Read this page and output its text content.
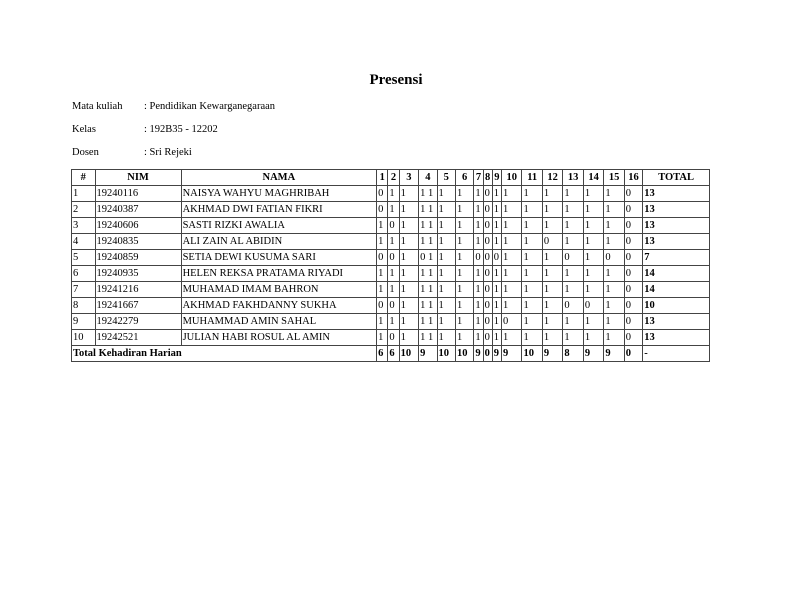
Presensi
Mata kuliah	: Pendidikan Kewarganegaraan
Kelas	: 192B35 - 12202
Dosen	: Sri Rejeki
#	NIM	NAMA	1	2	3	4	5	6	7	8	9	10	11	12	13	14	15	16	TOTAL
1	19240116	NAISYA WAHYU MAGHRIBAH	0	1	1	1 1	1	1	1	0	1	1	1	1	1	1	1	0	13
2	19240387	AKHMAD DWI FATIAN FIKRI	0	1	1	1 1	1	1	1	0	1	1	1	1	1	1	1	0	13
3	19240606	SASTI RIZKI AWALIA	1	0	1	1 1	1	1	1	0	1	1	1	1	1	1	1	0	13
4	19240835	ALI ZAIN AL ABIDIN	1	1	1	1 1	1	1	1	0	1	1	1	0	1	1	1	0	13
5	19240859	SETIA DEWI KUSUMA SARI	0	0	1	0 1	1	1	0	0	0	1	1	1	0	1	0	0	7
6	19240935	HELEN REKSA PRATAMA RIYADI	1	1	1	1 1	1	1	1	0	1	1	1	1	1	1	1	0	14
7	19241216	MUHAMAD IMAM BAHRON	1	1	1	1 1	1	1	1	0	1	1	1	1	1	1	1	0	14
8	19241667	AKHMAD FAKHDANNY SUKHA	0	0	1	1 1	1	1	1	0	1	1	1	1	0	0	1	0	10
9	19242279	MUHAMMAD AMIN SAHAL	1	1	1	1 1	1	1	1	0	1	0	1	1	1	1	1	0	13
10	19242521	JULIAN HABI ROSUL AL AMIN	1	0	1	1 1	1	1	1	0	1	1	1	1	1	1	1	0	13
Total Kehadiran Harian			6	6	10	9	10	10	9	0	9	9	10	9	8	9	9	0	-
